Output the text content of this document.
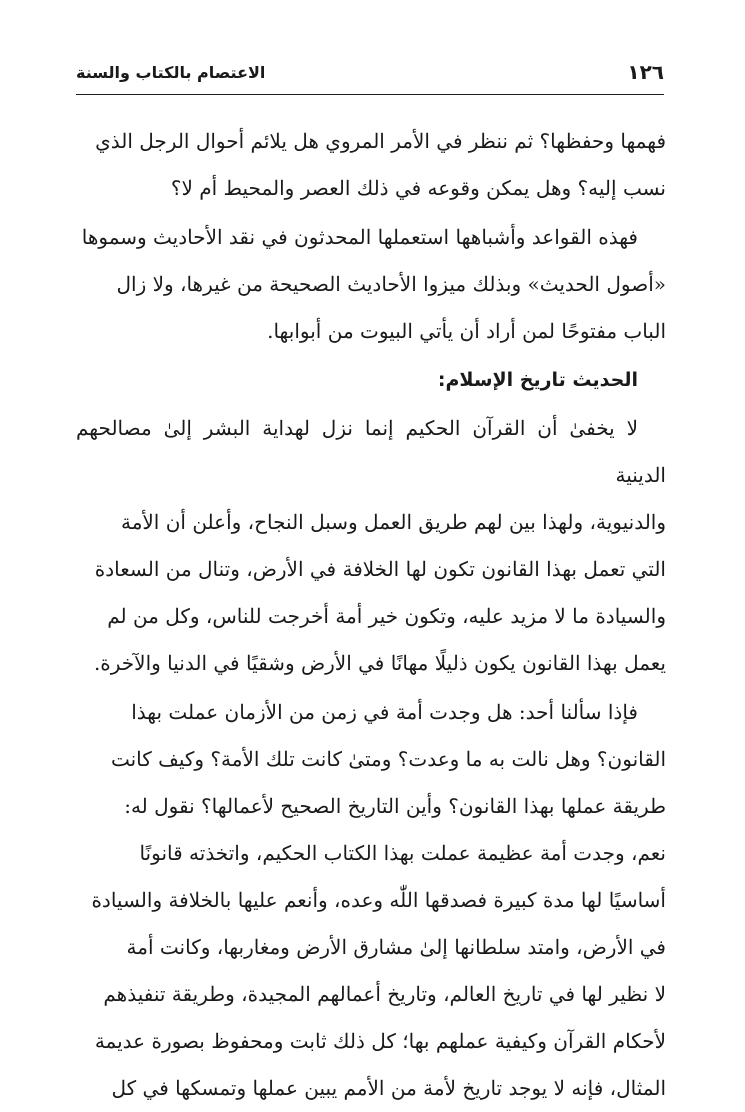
١٢٦
الاعتصام بالكتاب والسنة

فهمها وحفظها؟ ثم ننظر في الأمر المروي هل يلائم أحوال الرجل الذي
نسب إليه؟ وهل يمكن وقوعه في ذلك العصر والمحيط أم لا؟

فهذه القواعد وأشباهها استعملها المحدثون في نقد الأحاديث وسموها
«أصول الحديث» وبذلك ميزوا الأحاديث الصحيحة من غيرها، ولا زال
الباب مفتوحًا لمن أراد أن يأتي البيوت من أبوابها.

الحديث تاريخ الإسلام:

لا يخفىٰ أن القرآن الحكيم إنما نزل لهداية البشر إلىٰ مصالحهم الدينية
والدنيوية، ولهذا بين لهم طريق العمل وسبل النجاح، وأعلن أن الأمة
التي تعمل بهذا القانون تكون لها الخلافة في الأرض، وتنال من السعادة
والسيادة ما لا مزيد عليه، وتكون خير أمة أخرجت للناس، وكل من لم
يعمل بهذا القانون يكون ذليلًا مهانًا في الأرض وشقيًا في الدنيا والآخرة.

فإذا سألنا أحد: هل وجدت أمة في زمن من الأزمان عملت بهذا
القانون؟ وهل نالت به ما وعدت؟ ومتىٰ كانت تلك الأمة؟ وكيف كانت
طريقة عملها بهذا القانون؟ وأين التاريخ الصحيح لأعمالها؟ نقول له:
نعم، وجدت أمة عظيمة عملت بهذا الكتاب الحكيم، واتخذته قانونًا
أساسيًا لها مدة كبيرة فصدقها اللّٰه وعده، وأنعم عليها بالخلافة والسيادة
في الأرض، وامتد سلطانها إلىٰ مشارق الأرض ومغاربها، وكانت أمة
لا نظير لها في تاريخ العالم، وتاريخ أعمالهم المجيدة، وطريقة تنفيذهم
لأحكام القرآن وكيفية عملهم بها؛ كل ذلك ثابت ومحفوظ بصورة عديمة
المثال، فإنه لا يوجد تاريخ لأمة من الأمم يبين عملها وتمسكها في كل
